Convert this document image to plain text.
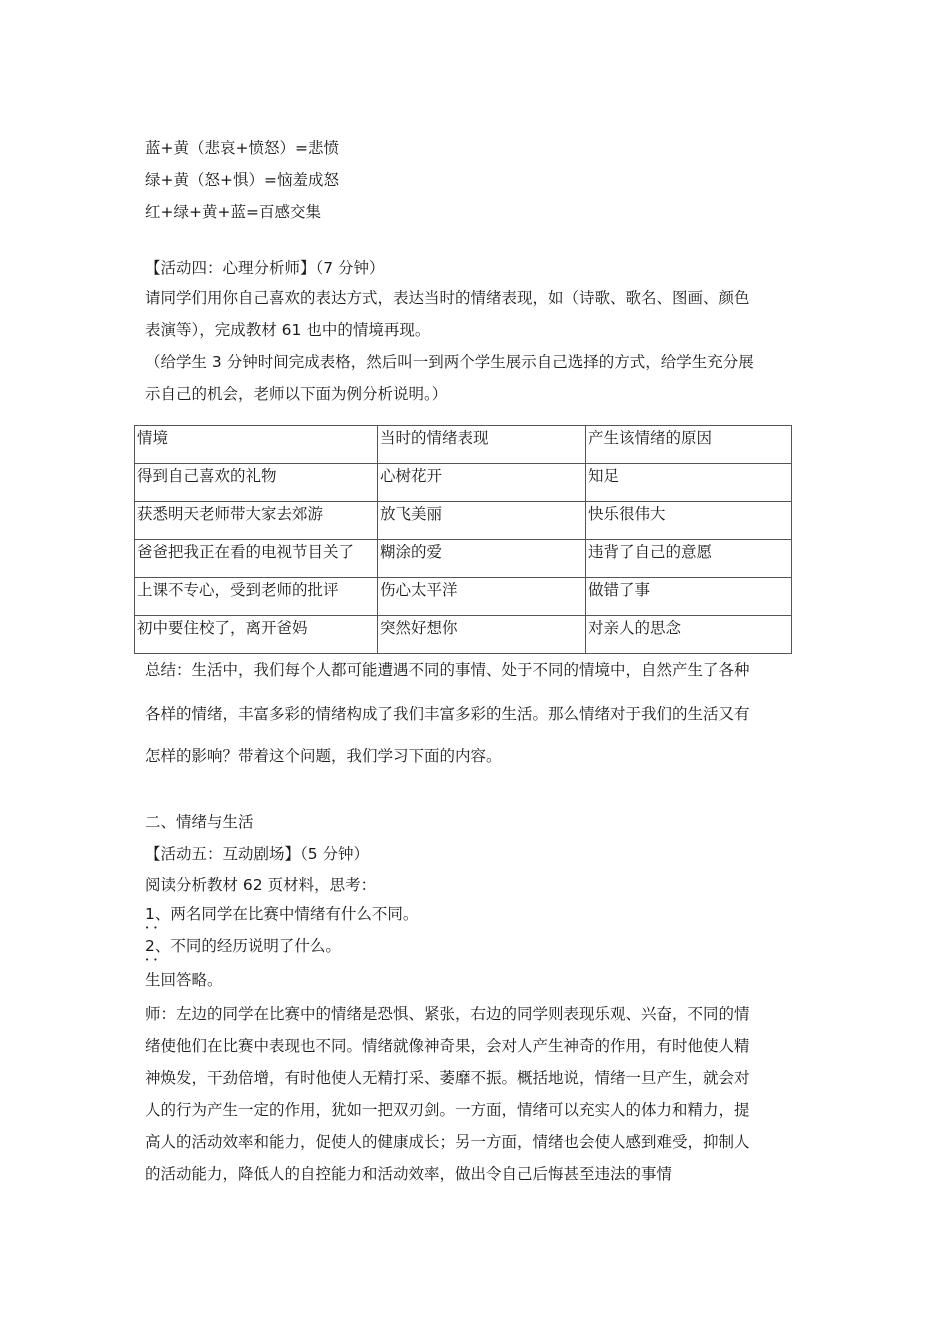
蓝+黄（悲哀+愤怒）=悲愤
绿+黄（怒+惧）=恼羞成怒
红+绿+黄+蓝=百感交集
【活动四：心理分析师】（7 分钟）
请同学们用你自己喜欢的表达方式，表达当时的情绪表现，如（诗歌、歌名、图画、颜色
表演等），完成教材 61 也中的情境再现。
（给学生 3 分钟时间完成表格，然后叫一到两个学生展示自己选择的方式，给学生充分展
示自己的机会，老师以下面为例分析说明。）
情境	当时的情绪表现	产生该情绪的原因
得到自己喜欢的礼物	心树花开	知足
获悉明天老师带大家去郊游	放飞美丽	快乐很伟大
爸爸把我正在看的电视节目关了	糊涂的爱	违背了自己的意愿
上课不专心，受到老师的批评	伤心太平洋	做错了事
初中要住校了，离开爸妈	突然好想你	对亲人的思念
总结：生活中，我们每个人都可能遭遇不同的事情、处于不同的情境中，自然产生了各种
各样的情绪，丰富多彩的情绪构成了我们丰富多彩的生活。那么情绪对于我们的生活又有
怎样的影响？带着这个问题，我们学习下面的内容。
二、情绪与生活
【活动五：互动剧场】（5 分钟）
阅读分析教材 62 页材料，思考：
1、 • •两名同学在比赛中情绪有什么不同。
2、 • •不同的经历说明了什么。
生回答略。
师：左边的同学在比赛中的情绪是恐惧、紧张，右边的同学则表现乐观、兴奋，不同的情
绪使他们在比赛中表现也不同。情绪就像神奇果，会对人产生神奇的作用，有时他使人精
神焕发，干劲倍增，有时他使人无精打采、萎靡不振。概括地说，情绪一旦产生，就会对
人的行为产生一定的作用，犹如一把双刃剑。一方面，情绪可以充实人的体力和精力，提
高人的活动效率和能力，促使人的健康成长；另一方面，情绪也会使人感到难受，抑制人
的活动能力，降低人的自控能力和活动效率，做出令自己后悔甚至违法的事情
